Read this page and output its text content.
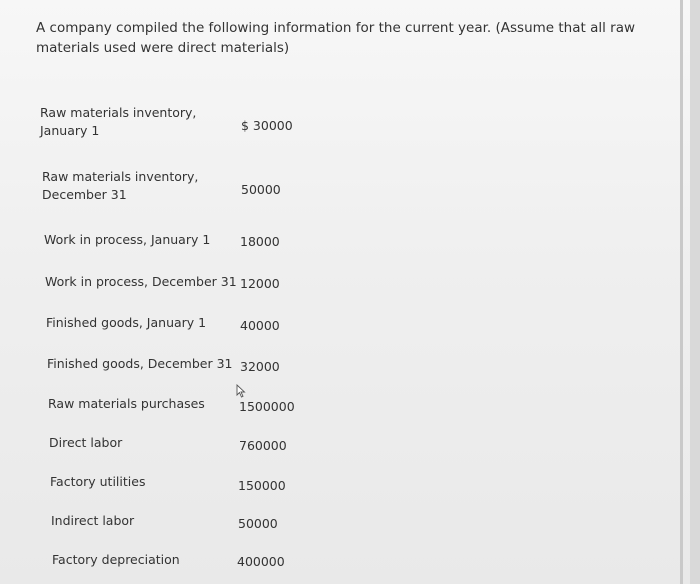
A company compiled the following information for the current year. (Assume that all raw materials used were direct materials)
Raw materials inventory, January 1	$ 30000
Raw materials inventory, December 31	50000
Work in process, January 1	18000
Work in process, December 31 12000
Finished goods, January 1	40000
Finished goods, December 31 32000
Raw materials purchases	1500000
Direct labor	760000
Factory utilities	150000
Indirect labor	50000
Factory depreciation	400000
